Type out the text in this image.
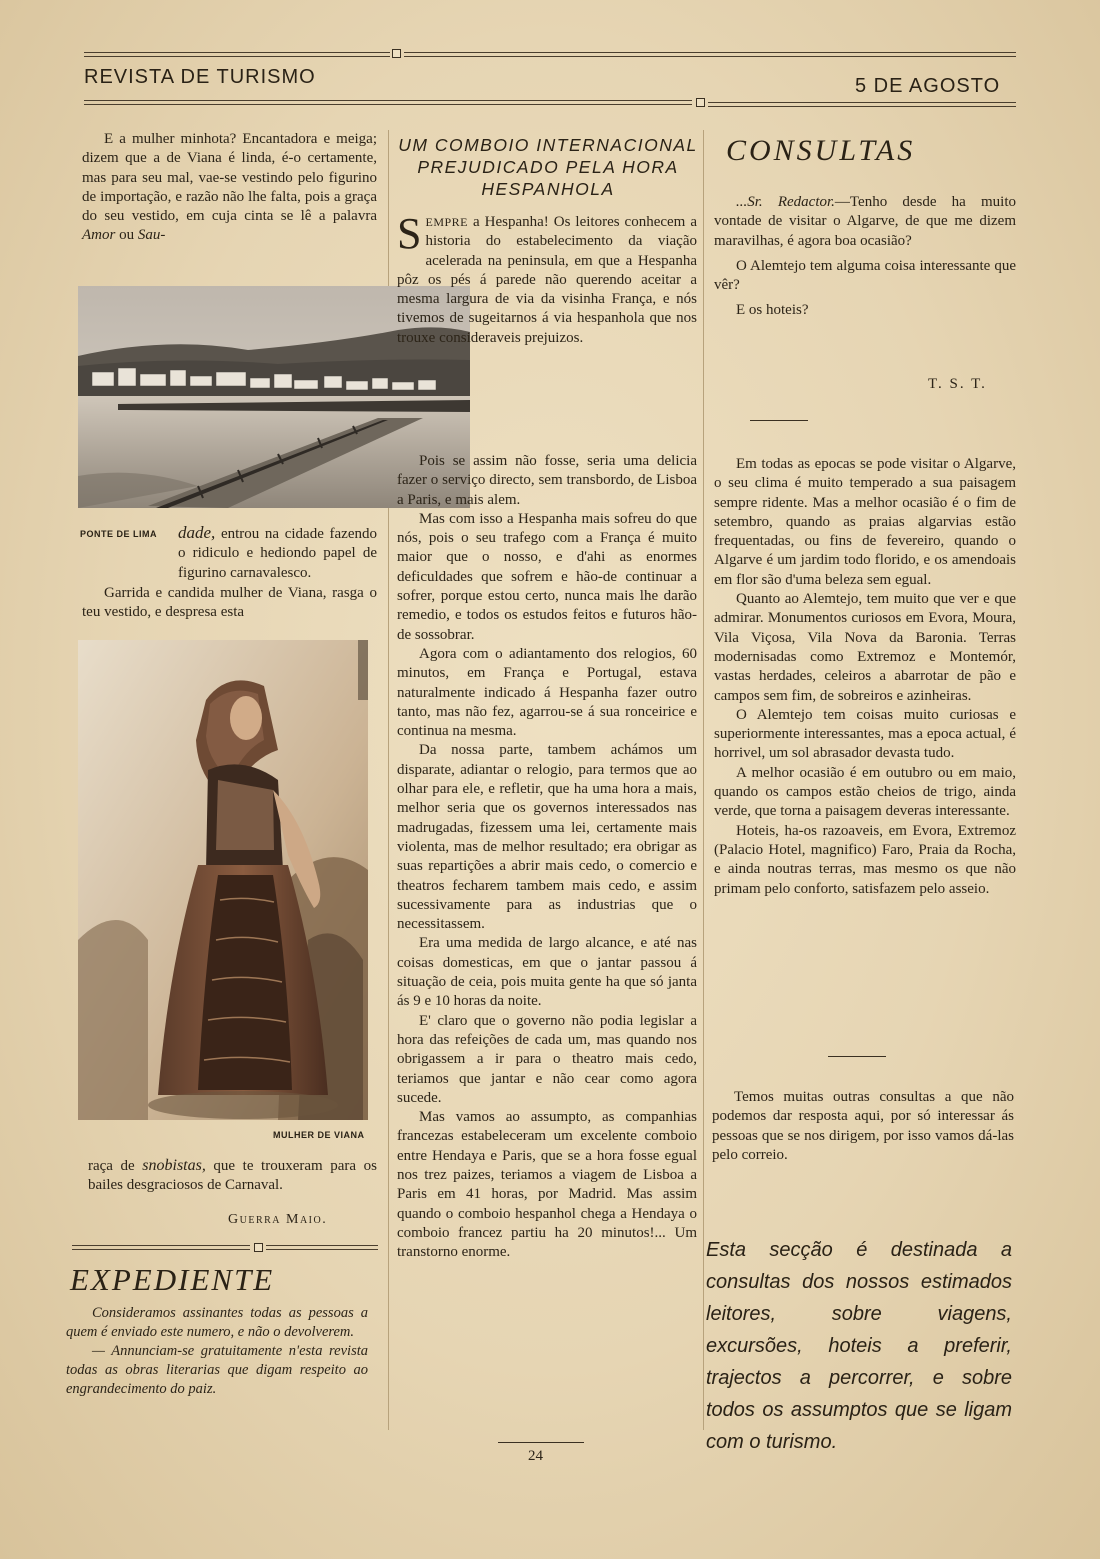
REVISTA DE TURISMO	5 DE AGOSTO

E a mulher minhota? Encantadora e meiga; dizem que a de Viana é linda, é-o certamente, mas para seu mal, vae-se vestindo pelo figurino de importação, e razão não lhe falta, pois a graça do seu vestido, em cuja cinta se lê a palavra Amor ou Sau-

PONTE DE LIMA dade, entrou na cidade fazendo o ridiculo e hediondo papel de figurino carnavalesco.

Garrida e candida mulher de Viana, rasga o teu vestido, e despresa esta

MULHER DE VIANA

raça de snobistas, que te trouxeram para os bailes desgraciosos de Carnaval.

Guerra Maio.
EXPEDIENTE

Consideramos assinantes todas as pessoas a quem é enviado este numero, e não o devolverem.

— Annunciam-se gratuitamente n'esta revista todas as obras literarias que digam respeito ao engrandecimento do paiz.

UM COMBOIO INTERNACIONAL PREJUDICADO PELA HORA HESPANHOLA

SEMPRE a Hespanha! Os leitores conhecem a historia do estabelecimento da viação acelerada na peninsula, em que a Hespanha pôz os pés á parede não querendo aceitar a mesma largura de via da visinha França, e nós tivemos de sugeitarnos á via hespanhola que nos trouxe consideraveis prejuizos.

Pois se assim não fosse, seria uma delicia fazer o serviço directo, sem transbordo, de Lisboa a Paris, e mais alem.

Mas com isso a Hespanha mais sofreu do que nós, pois o seu trafego com a França é muito maior que o nosso, e d'ahi as enormes deficuldades que sofrem e hão-de continuar a sofrer, porque estou certo, nunca mais lhe darão remedio, e todos os estudos feitos e futuros hão-de sossobrar.

Agora com o adiantamento dos relogios, 60 minutos, em França e Portugal, estava naturalmente indicado á Hespanha fazer outro tanto, mas não fez, agarrou-se á sua ronceirice e continua na mesma.

Da nossa parte, tambem achámos um disparate, adiantar o relogio, para termos que ao olhar para ele, e refletir, que ha uma hora a mais, melhor seria que os governos interessados nas madrugadas, fizessem uma lei, certamente mais violenta, mas de melhor resultado; era obrigar as suas repartições a abrir mais cedo, o comercio e theatros fecharem tambem mais cedo, e assim sucessivamente para as industrias que o necessitassem.

Era uma medida de largo alcance, e até nas coisas domesticas, em que o jantar passou á situação de ceia, pois muita gente ha que só janta ás 9 e 10 horas da noite.

E' claro que o governo não podia legislar a hora das refeições de cada um, mas quando nos obrigassem a ir para o theatro mais cedo, teriamos que jantar e não cear como agora sucede.

Mas vamos ao assumpto, as companhias francezas estabeleceram um excelente comboio entre Hendaya e Paris, que se a hora fosse egual nos trez paizes, teriamos a viagem de Lisboa a Paris em 41 horas, por Madrid. Mas assim quando o comboio hespanhol chega a Hendaya o comboio francez partiu ha 20 minutos!... Um transtorno enorme.

CONSULTAS

...Sr. Redactor.—Tenho desde ha muito vontade de visitar o Algarve, de que me dizem maravilhas, é agora boa ocasião?

O Alemtejo tem alguma coisa interessante que vêr?

E os hoteis?

T. S. T.

Em todas as epocas se pode visitar o Algarve, o seu clima é muito temperado a sua paisagem sempre ridente. Mas a melhor ocasião é o fim de setembro, quando as praias algarvias estão frequentadas, ou fins de fevereiro, quando o Algarve é um jardim todo florido, e os amendoais em flor são d'uma beleza sem egual.

Quanto ao Alemtejo, tem muito que ver e que admirar. Monumentos curiosos em Evora, Moura, Vila Viçosa, Vila Nova da Baronia. Terras modernisadas como Extremoz e Montemór, vastas herdades, celeiros a abarrotar de pão e campos sem fim, de sobreiros e azinheiras.

O Alemtejo tem coisas muito curiosas e superiormente interessantes, mas a epoca actual, é horrivel, um sol abrasador devasta tudo.

A melhor ocasião é em outubro ou em maio, quando os campos estão cheios de trigo, ainda verde, que torna a paisagem deveras interessante.

Hoteis, ha-os razoaveis, em Evora, Extremoz (Palacio Hotel, magnifico) Faro, Praia da Rocha, e ainda noutras terras, mas mesmo os que não primam pelo conforto, satisfazem pelo asseio.

Temos muitas outras consultas a que não podemos dar resposta aqui, por só interessar ás pessoas que se nos dirigem, por isso vamos dá-las pelo correio.

Esta secção é destinada a consultas dos nossos estimados leitores, sobre viagens, excursões, hoteis a preferir, trajectos a percorrer, e sobre todos os assumptos que se ligam com o turismo.
24
